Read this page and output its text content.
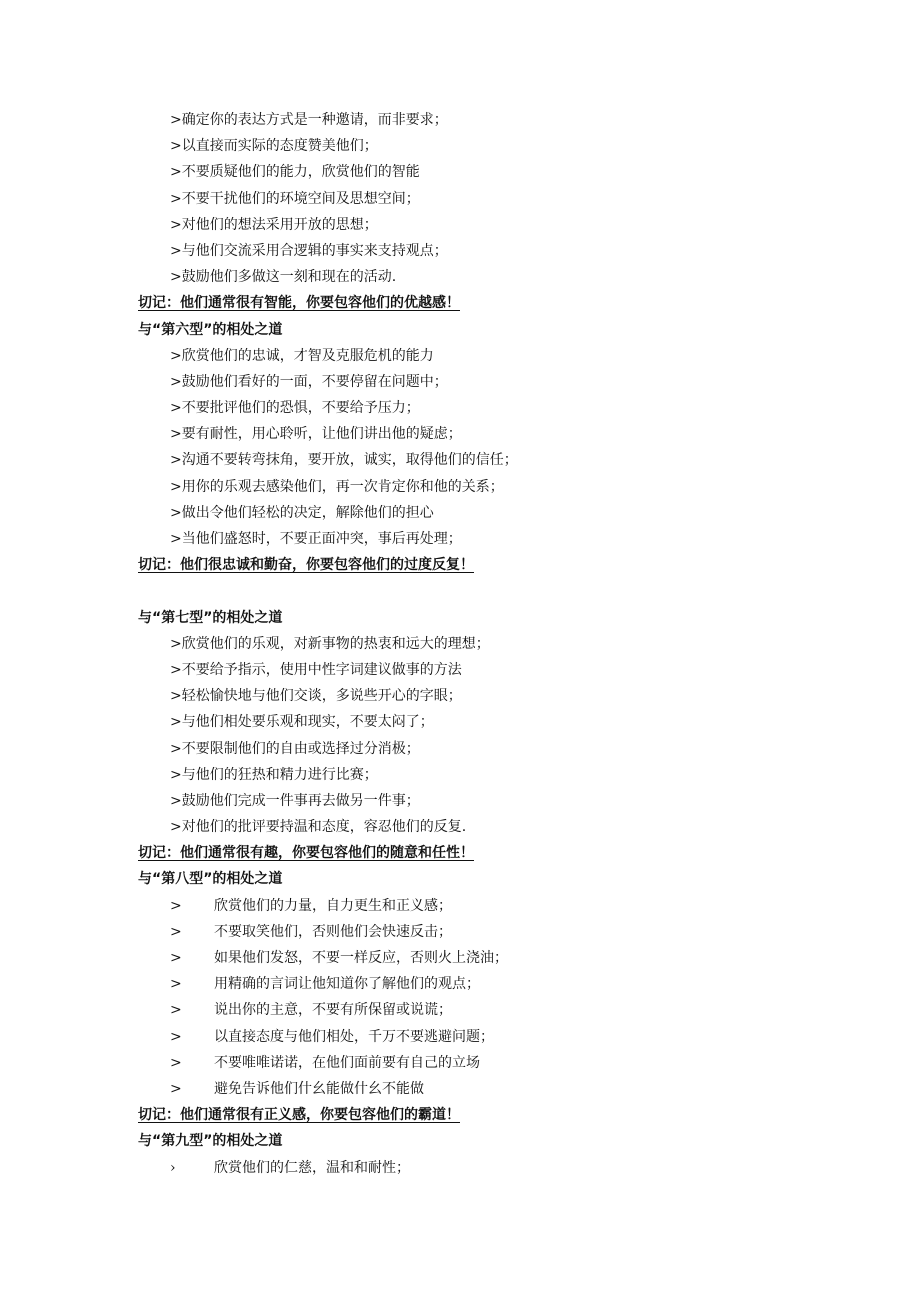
>确定你的表达方式是一种邀请，而非要求；
>以直接而实际的态度赞美他们；
>不要质疑他们的能力，欣赏他们的智能
>不要干扰他们的环境空间及思想空间；
>对他们的想法采用开放的思想；
>与他们交流采用合逻辑的事实来支持观点；
>鼓励他们多做这一刻和现在的活动.
切记：他们通常很有智能，你要包容他们的优越感！
与“第六型”的相处之道
>欣赏他们的忠诚，才智及克服危机的能力
>鼓励他们看好的一面，不要停留在问题中；
>不要批评他们的恐惧，不要给予压力；
>要有耐性，用心聆听，让他们讲出他的疑虑；
>沟通不要转弯抹角，要开放，诚实，取得他们的信任；
>用你的乐观去感染他们，再一次肯定你和他的关系；
>做出令他们轻松的决定，解除他们的担心
>当他们盛怒时，不要正面冲突，事后再处理；
切记：他们很忠诚和勤奋，你要包容他们的过度反复！
与“第七型”的相处之道
>欣赏他们的乐观，对新事物的热衷和远大的理想；
>不要给予指示，使用中性字词建议做事的方法
>轻松愉快地与他们交谈，多说些开心的字眼；
>与他们相处要乐观和现实，不要太闷了；
>不要限制他们的自由或选择过分消极；
>与他们的狂热和精力进行比赛；
>鼓励他们完成一件事再去做另一件事；
>对他们的批评要持温和态度，容忍他们的反复.
切记：他们通常很有趣，你要包容他们的随意和任性！
与“第八型”的相处之道
> 欣赏他们的力量，自力更生和正义感；
> 不要取笑他们，否则他们会快速反击；
> 如果他们发怒，不要一样反应，否则火上浇油；
> 用精确的言词让他知道你了解他们的观点；
> 说出你的主意，不要有所保留或说谎；
> 以直接态度与他们相处，千万不要逃避问题；
> 不要唯唯诺诺，在他们面前要有自己的立场
> 避免告诉他们什幺能做什幺不能做
切记：他们通常很有正义感，你要包容他们的霸道！
与“第九型”的相处之道
›	欣赏他们的仁慈，温和和耐性；
